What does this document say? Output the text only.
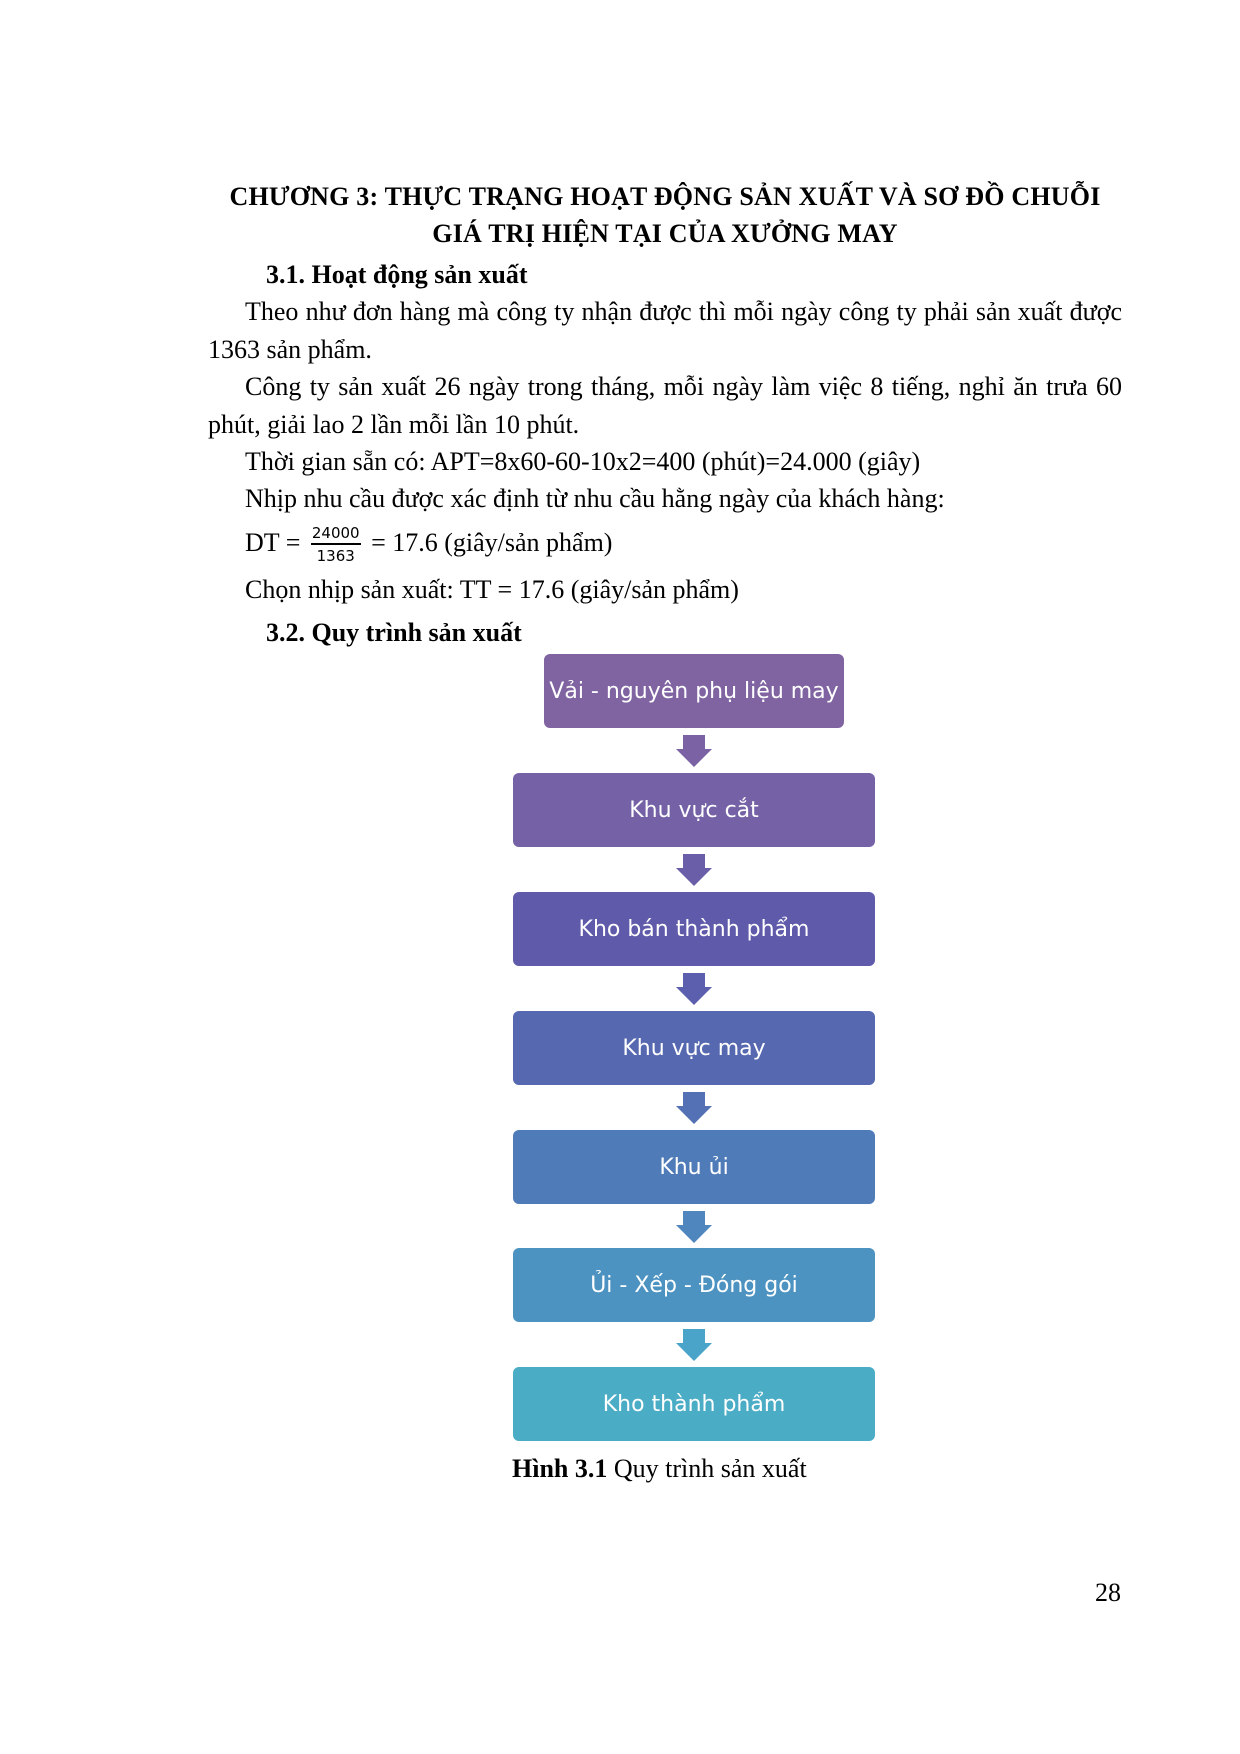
CHƯƠNG 3: THỰC TRẠNG HOẠT ĐỘNG SẢN XUẤT VÀ SƠ ĐỒ CHUỖI
GIÁ TRỊ HIỆN TẠI CỦA XƯỞNG MAY
3.1. Hoạt động sản xuất
Theo như đơn hàng mà công ty nhận được thì mỗi ngày công ty phải sản xuất được 1363 sản phẩm.
Công ty sản xuất 26 ngày trong tháng, mỗi ngày làm việc 8 tiếng, nghỉ ăn trưa 60 phút, giải lao 2 lần mỗi lần 10 phút.
Thời gian sẵn có: APT=8x60-60-10x2=400 (phút)=24.000 (giây)
Nhịp nhu cầu được xác định từ nhu cầu hằng ngày của khách hàng:
DT = $\frac{24000}{1363} = 17.6$ (giây/sản phẩm)
Chọn nhịp sản xuất: TT = 17.6 (giây/sản phẩm)
3.2. Quy trình sản xuất
Vải - nguyên phụ liệu may
Khu vực cắt
Kho bán thành phẩm
Khu vực may
Khu ủi
Ủi - Xếp - Đóng gói
Kho thành phẩm
Hình 3.1 Quy trình sản xuất
28
